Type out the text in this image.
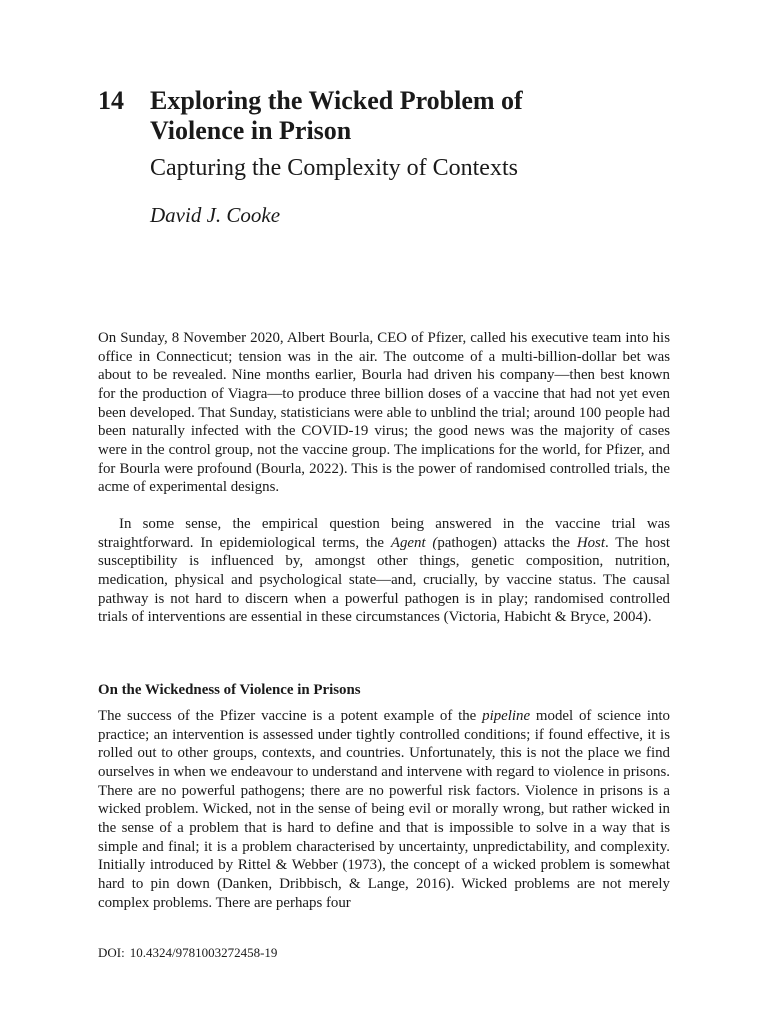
14 Exploring the Wicked Problem of
Violence in Prison
Capturing the Complexity of Contexts

David J. Cooke

On Sunday, 8 November 2020, Albert Bourla, CEO of Pfizer, called his executive team into his office in Connecticut; tension was in the air. The outcome of a multi-billion-dollar bet was about to be revealed. Nine months earlier, Bourla had driven his company—then best known for the production of Viagra—to produce three billion doses of a vaccine that had not yet even been developed. That Sunday, statisticians were able to unblind the trial; around 100 people had been naturally infected with the COVID-19 virus; the good news was the majority of cases were in the control group, not the vaccine group. The implications for the world, for Pfizer, and for Bourla were profound (Bourla, 2022). This is the power of randomised controlled trials, the acme of experimental designs.

In some sense, the empirical question being answered in the vaccine trial was straightforward. In epidemiological terms, the Agent (pathogen) attacks the Host. The host susceptibility is influenced by, amongst other things, genetic composition, nutrition, medication, physical and psychological state—and, crucially, by vaccine status. The causal pathway is not hard to discern when a powerful pathogen is in play; randomised controlled trials of interventions are essential in these circumstances (Victoria, Habicht & Bryce, 2004).

On the Wickedness of Violence in Prisons

The success of the Pfizer vaccine is a potent example of the pipeline model of science into practice; an intervention is assessed under tightly controlled conditions; if found effective, it is rolled out to other groups, contexts, and countries. Unfortunately, this is not the place we find ourselves in when we endeavour to understand and intervene with regard to violence in prisons. There are no powerful pathogens; there are no powerful risk factors. Violence in prisons is a wicked problem. Wicked, not in the sense of being evil or morally wrong, but rather wicked in the sense of a problem that is hard to define and that is impossible to solve in a way that is simple and final; it is a problem characterised by uncertainty, unpredictability, and complexity. Initially introduced by Rittel & Webber (1973), the concept of a wicked problem is somewhat hard to pin down (Danken, Dribbisch, & Lange, 2016). Wicked problems are not merely complex problems. There are perhaps four

DOI: 10.4324/9781003272458-19
